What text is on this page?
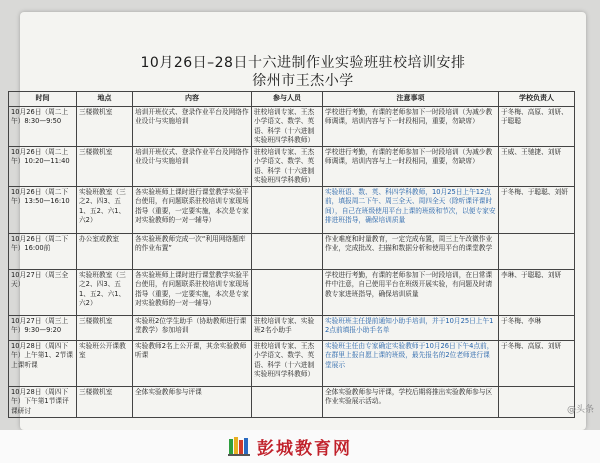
10月26日–28日十六进制作业实验班驻校培训安排
徐州市王杰小学
时间	地点	内容	参与人员	注意事项	学校负责人
10月26日（周二上午）8:30—9:50	三楼微机室	培训开班仪式、登录作业平台及网络作业设计与实施培训	驻校培训专家、王杰小学语文、数学、英语、科学（十六进制实验班四学科教师）	学校进行考勤，有课的老师参加下一时段培训（为减少教师调课，培训内容与下一时段相同，重要，勿缺席）	于冬梅、高原、刘妍、于聪聪
10月26日（周二上午）10:20—11:40	三楼微机室	培训开班仪式、登录作业平台及网络作业设计与实施培训	驻校培训专家、王杰小学语文、数学、英语、科学（十六进制实验班四学科教师）	学校进行考勤，有课的老师参加下一时段培训（为减少教师调课，培训内容与上一时段相同，重要，勿缺席）	王威、王驰捷、刘妍
10月26日（周二下午）13:50—16:10	实验班教室（三之2、四3、五1、五2、六1、六2）	各实验班师上课时进行课堂教学实验平台使用，有问题联系驻校培训专家现场指导（重要，一定要实施，本次是专家对实验教师的一对一辅导）		实验班语、数、英、科四学科教师，10月25日上午12点前，填报周二下午、周三全天、周四全天（除听课评课时间），自己在班级使用平台上课的班级和节次，以便专家安排进班指导，确保培训质量	于冬梅、于聪聪、刘妍
10月26日（周二下午）16:00前	办公室或教室	各实验班教师完成一次“利用网络题库的作业布置”		作业难度和时量教育，一定完成布置，周三上午改微作业作业，完成批改、扫描和数据分析和使用平台的课堂教学	
10月27日（周三全天）	实验班教室（三之2、四3、五1、五2、六1、六2）	各实验班师上课时进行课堂教学实验平台使用，有问题联系驻校培训专家现场指导（重要，一定要实施，本次是专家对实验教师的一对一辅导）		学校进行考勤，有课的老师参加下一时段培训，在日常课件中注意，自己使用平台在班级开展实验，有问题及时请教专家进班指导，确保培训质量	李琳、于聪聪、刘妍
10月27日（周三上午）9:30—9:20	三楼微机室	实验班2位学生助手（协助教师进行课堂教学）参加培训	驻校培训专家、实验班2名小助手	实验班班主任提前通知小助手培训，并于10月25日上午12点前填报小助手名单	于冬梅、李琳
10月28日（周四下午）上午第1、2节课上课听课	实验班公开课教室	实验教师2名上公开课，其余实验教师听课	驻校培训专家、王杰小学语文、数学、英语、科学（十六进制实验班四学科教师）	实验班主任由专家确定实验教师于10月26日下午4点前，在群里上报自愿上课的班级，最先报名的2位老师进行课堂展示	于冬梅、高原、刘妍
10月28日（周四下午）下午第1节课评课研讨	三楼微机室	全体实验教师参与评课		全体实验教师参与评课，学校后期将推出实验教师参与区作业实验展示活动。	
@头条
彭城教育网
